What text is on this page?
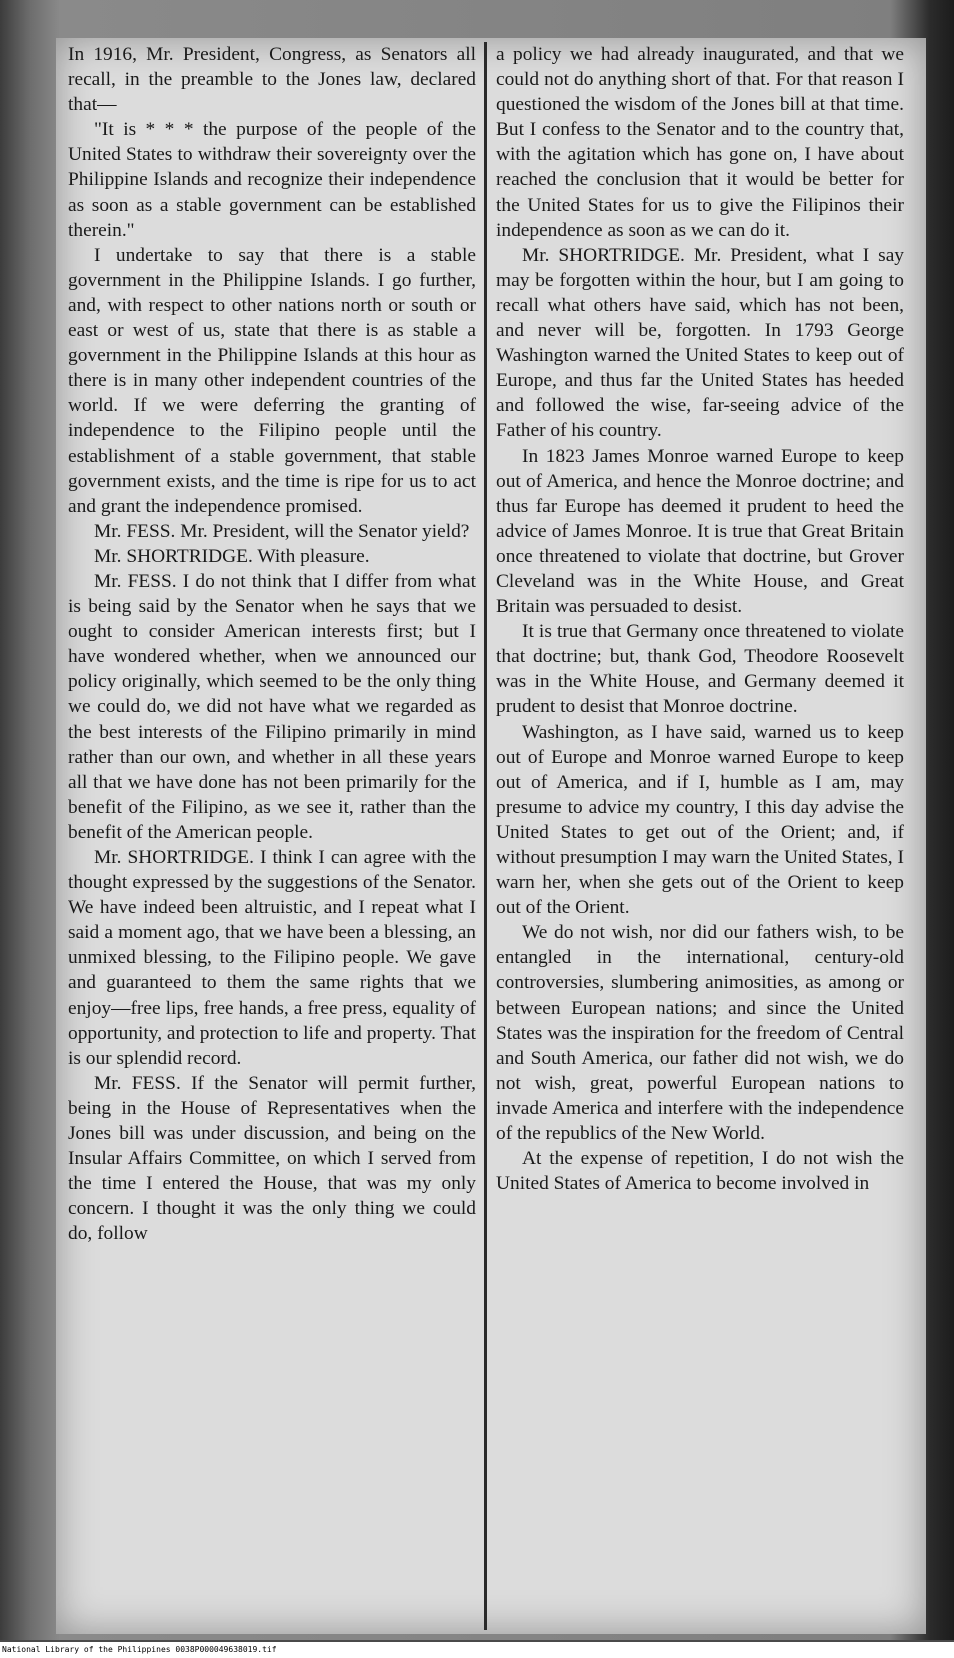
In 1916, Mr. President, Congress, as Senators all recall, in the preamble to the Jones law, declared that—

"It is * * * the purpose of the people of the United States to withdraw their sovereignty over the Philippine Islands and recognize their independence as soon as a stable government can be established therein."

I undertake to say that there is a stable government in the Philippine Islands. I go further, and, with respect to other nations north or south or east or west of us, state that there is as stable a government in the Philippine Islands at this hour as there is in many other independent countries of the world. If we were deferring the granting of independence to the Filipino people until the establishment of a stable government, that stable government exists, and the time is ripe for us to act and grant the independence promised.

Mr. FESS. Mr. President, will the Senator yield?

Mr. SHORTRIDGE. With pleasure.

Mr. FESS. I do not think that I differ from what is being said by the Senator when he says that we ought to consider American interests first; but I have wondered whether, when we announced our policy originally, which seemed to be the only thing we could do, we did not have what we regarded as the best interests of the Filipino primarily in mind rather than our own, and whether in all these years all that we have done has not been primarily for the benefit of the Filipino, as we see it, rather than the benefit of the American people.

Mr. SHORTRIDGE. I think I can agree with the thought expressed by the suggestions of the Senator. We have indeed been altruistic, and I repeat what I said a moment ago, that we have been a blessing, an unmixed blessing, to the Filipino people. We gave and guaranteed to them the same rights that we enjoy—free lips, free hands, a free press, equality of opportunity, and protection to life and property. That is our splendid record.

Mr. FESS. If the Senator will permit further, being in the House of Representatives when the Jones bill was under discussion, and being on the Insular Affairs Committee, on which I served from the time I entered the House, that was my only concern. I thought it was the only thing we could do, follow

a policy we had already inaugurated, and that we could not do anything short of that. For that reason I questioned the wisdom of the Jones bill at that time. But I confess to the Senator and to the country that, with the agitation which has gone on, I have about reached the conclusion that it would be better for the United States for us to give the Filipinos their independence as soon as we can do it.

Mr. SHORTRIDGE. Mr. President, what I say may be forgotten within the hour, but I am going to recall what others have said, which has not been, and never will be, forgotten. In 1793 George Washington warned the United States to keep out of Europe, and thus far the United States has heeded and followed the wise, far-seeing advice of the Father of his country.

In 1823 James Monroe warned Europe to keep out of America, and hence the Monroe doctrine; and thus far Europe has deemed it prudent to heed the advice of James Monroe. It is true that Great Britain once threatened to violate that doctrine, but Grover Cleveland was in the White House, and Great Britain was persuaded to desist.

It is true that Germany once threatened to violate that doctrine; but, thank God, Theodore Roosevelt was in the White House, and Germany deemed it prudent to desist that Monroe doctrine.

Washington, as I have said, warned us to keep out of Europe and Monroe warned Europe to keep out of America, and if I, humble as I am, may presume to advice my country, I this day advise the United States to get out of the Orient; and, if without presumption I may warn the United States, I warn her, when she gets out of the Orient to keep out of the Orient.

We do not wish, nor did our fathers wish, to be entangled in the international, century-old controversies, slumbering animosities, as among or between European nations; and since the United States was the inspiration for the freedom of Central and South America, our father did not wish, we do not wish, great, powerful European nations to invade America and interfere with the independence of the republics of the New World.

At the expense of repetition, I do not wish the United States of America to become involved in

National Library of the Philippines 0038P000049638019.tif
